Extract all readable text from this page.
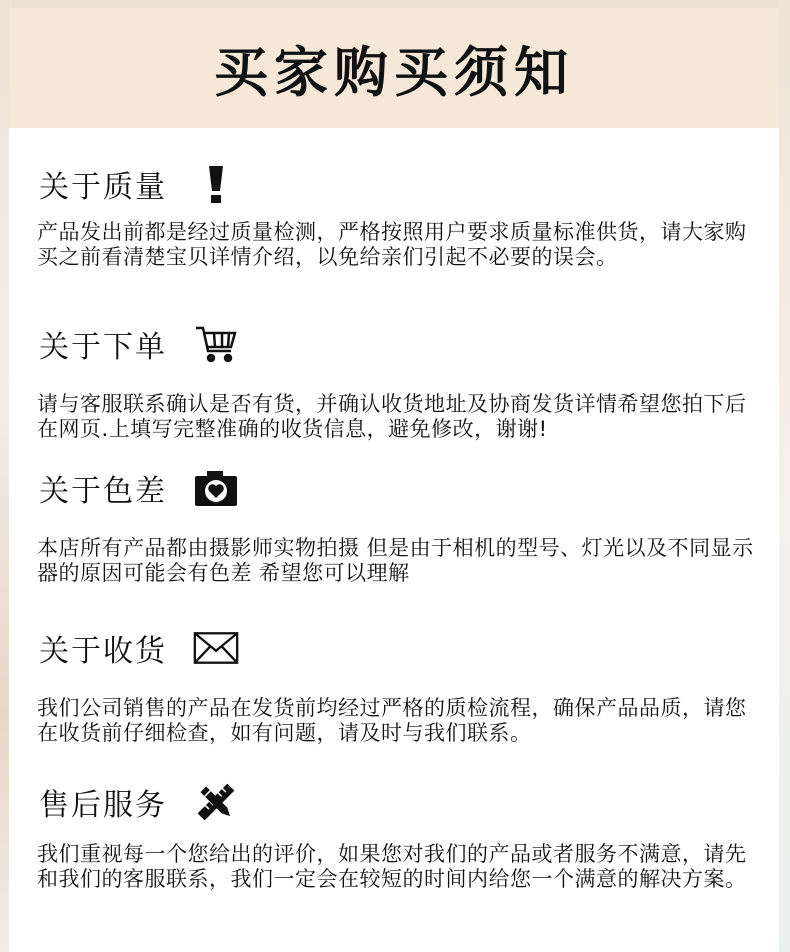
买家购买须知
关于质量
产品发出前都是经过质量检测，严格按照用户要求质量标准供货，请大家购买之前看清楚宝贝详情介绍，以免给亲们引起不必要的误会。
关于下单
请与客服联系确认是否有货，并确认收货地址及协商发货详情希望您拍下后在网页.上填写完整准确的收货信息，避免修改，谢谢!
关于色差
本店所有产品都由摄影师实物拍摄 但是由于相机的型号、灯光以及不同显示器的原因可能会有色差 希望您可以理解
关于收货
我们公司销售的产品在发货前均经过严格的质检流程，确保产品品质，请您在收货前仔细检查，如有问题，请及时与我们联系。
售后服务
我们重视每一个您给出的评价，如果您对我们的产品或者服务不满意，请先和我们的客服联系，我们一定会在较短的时间内给您一个满意的解决方案。
